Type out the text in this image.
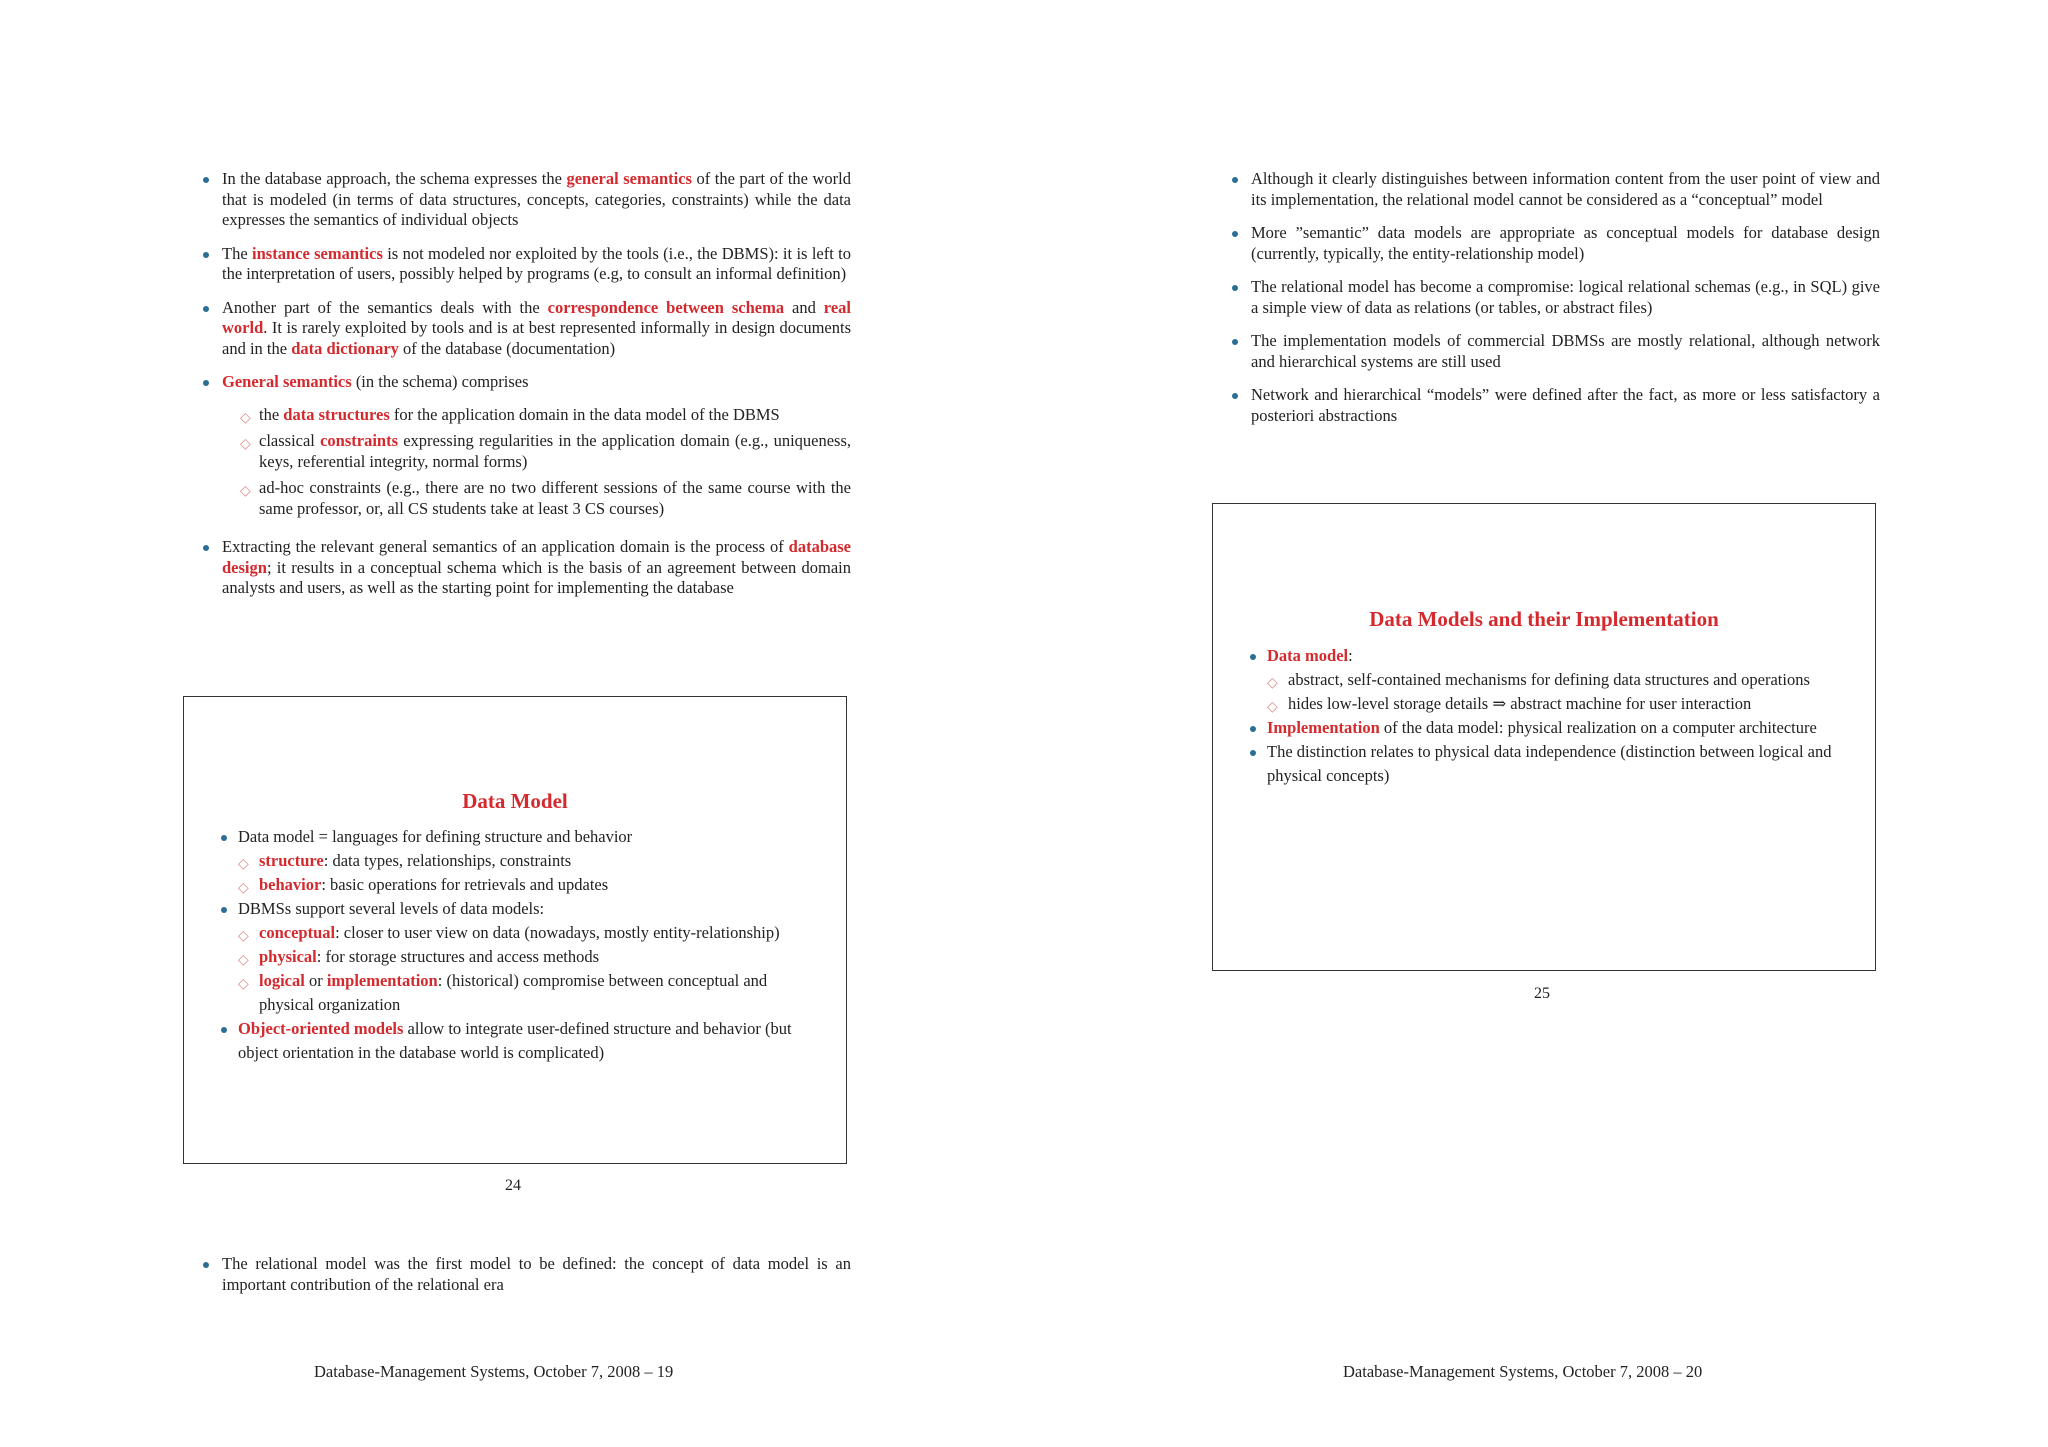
In the database approach, the schema expresses the general semantics of the part of the world that is modeled (in terms of data structures, concepts, categories, constraints) while the data expresses the semantics of individual objects
The instance semantics is not modeled nor exploited by the tools (i.e., the DBMS): it is left to the interpretation of users, possibly helped by programs (e.g, to consult an informal definition)
Another part of the semantics deals with the correspondence between schema and real world. It is rarely exploited by tools and is at best represented informally in design documents and in the data dictionary of the database (documentation)
General semantics (in the schema) comprises
◇ the data structures for the application domain in the data model of the DBMS
◇ classical constraints expressing regularities in the application domain (e.g., uniqueness, keys, referential integrity, normal forms)
◇ ad-hoc constraints (e.g., there are no two different sessions of the same course with the same professor, or, all CS students take at least 3 CS courses)
Extracting the relevant general semantics of an application domain is the process of database design; it results in a conceptual schema which is the basis of an agreement between domain analysts and users, as well as the starting point for implementing the database
Data Model
Data model = languages for defining structure and behavior
◇ structure: data types, relationships, constraints
◇ behavior: basic operations for retrievals and updates
DBMSs support several levels of data models:
◇ conceptual: closer to user view on data (nowadays, mostly entity-relationship)
◇ physical: for storage structures and access methods
◇ logical or implementation: (historical) compromise between conceptual and physical organization
Object-oriented models allow to integrate user-defined structure and behavior (but object orientation in the database world is complicated)
24
The relational model was the first model to be defined: the concept of data model is an important contribution of the relational era
Database-Management Systems, October 7, 2008 – 19
Although it clearly distinguishes between information content from the user point of view and its implementation, the relational model cannot be considered as a “conceptual” model
More ”semantic” data models are appropriate as conceptual models for database design (currently, typically, the entity-relationship model)
The relational model has become a compromise: logical relational schemas (e.g., in SQL) give a simple view of data as relations (or tables, or abstract files)
The implementation models of commercial DBMSs are mostly relational, although network and hierarchical systems are still used
Network and hierarchical “models” were defined after the fact, as more or less satisfactory a posteriori abstractions
Data Models and their Implementation
Data model:
◇ abstract, self-contained mechanisms for defining data structures and operations
◇ hides low-level storage details ⇒ abstract machine for user interaction
Implementation of the data model: physical realization on a computer architecture
The distinction relates to physical data independence (distinction between logical and physical concepts)
25
Database-Management Systems, October 7, 2008 – 20
